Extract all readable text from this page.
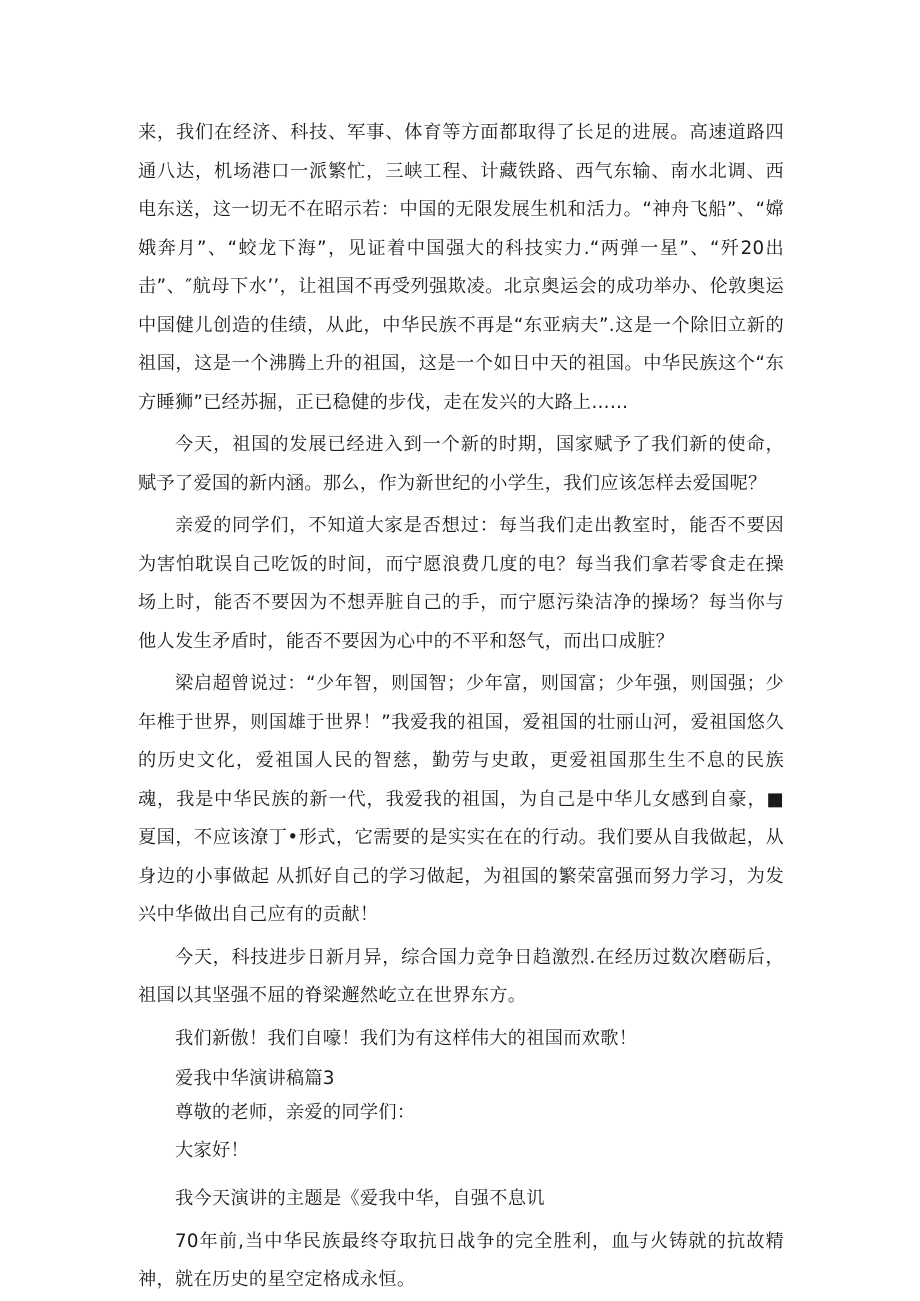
来，我们在经济、科技、军事、体育等方面都取得了长足的进展。高速道路四通八达，机场港口一派繁忙，三峡工程、计藏铁路、西气东输、南水北调、西电东送，这一切无不在昭示若：中国的无限发展生机和活力。“神舟飞船”、“嫦娥奔月”、“蛟龙下海”，见证着中国强大的科技实力.“两弹一星”、“歼20出击”、″航母下水’’，让祖国不再受列强欺凌。北京奥运会的成功举办、伦敦奥运中国健儿创造的佳绩，从此，中华民族不再是“东亚病夫”.这是一个除旧立新的祖国，这是一个沸腾上升的祖国，这是一个如日中天的祖国。中华民族这个“东方睡狮”已经苏掘，正已稳健的步伐，走在发兴的大路上……

今天，祖国的发展已经进入到一个新的时期，国家赋予了我们新的使命，赋予了爱国的新内涵。那么，作为新世纪的小学生，我们应该怎样去爱国呢？

亲爱的同学们，不知道大家是否想过：每当我们走出教室时，能否不要因为害怕耽误自己吃饭的时间，而宁愿浪费几度的电？每当我们拿若零食走在操场上时，能否不要因为不想弄脏自己的手，而宁愿污染洁净的操场？每当你与他人发生矛盾时，能否不要因为心中的不平和怒气，而出口成脏？

梁启超曾说过：“少年智，则国智；少年富，则国富；少年强，则国强；少年椎于世界，则国雄于世界！”我爱我的祖国，爱祖国的壮丽山河，爱祖国悠久的历史文化，爱祖国人民的智慈，勤劳与史敢，更爱祖国那生生不息的民族魂，我是中华民族的新一代，我爱我的祖国，为自己是中华儿女感到自豪，■夏国，不应该潦丁•形式，它需要的是实实在在的行动。我们要从自我做起，从身边的小事做起 从抓好自己的学习做起，为祖国的繁荣富强而努力学习，为发兴中华做出自己应有的贡献！

今天，科技进步日新月异，综合国力竞争日趋激烈.在经历过数次磨砺后，祖国以其坚强不屈的脊梁邂然屹立在世界东方。

我们新傲！我们自嚎！我们为有这样伟大的祖国而欢歌！

爱我中华演讲稿篇3

尊敬的老师，亲爱的同学们：

大家好！

我今天演讲的主题是《爱我中华，自强不息讥

70年前,当中华民族最终夺取抗日战争的完全胜利，血与火铸就的抗故精神，就在历史的星空定格成永恒。
